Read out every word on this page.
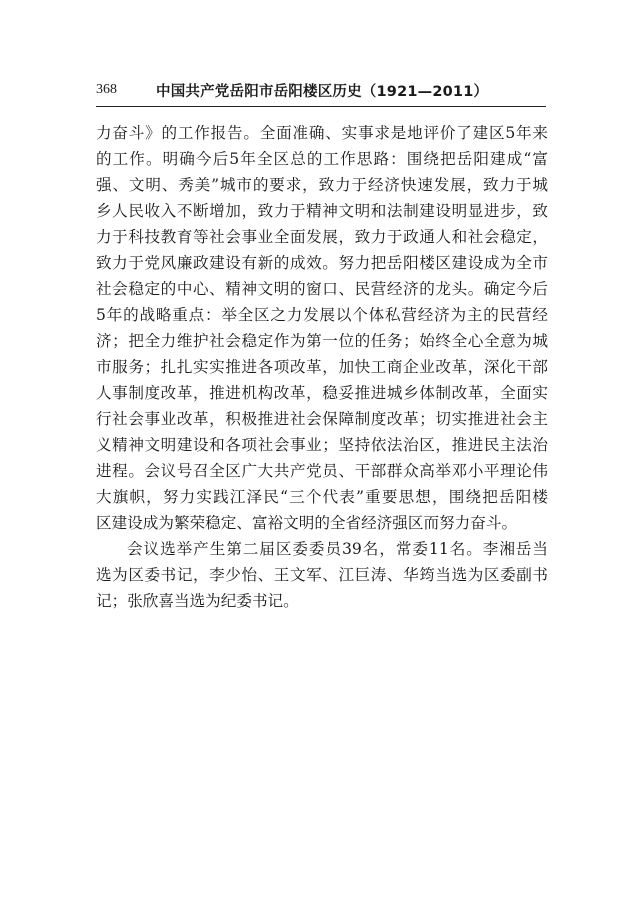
368	中国共产党岳阳市岳阳楼区历史（1921—2011）
力奋斗》的工作报告。全面准确、实事求是地评价了建区5年来
的工作。明确今后5年全区总的工作思路：围绕把岳阳建成“富
强、文明、秀美”城市的要求，致力于经济快速发展，致力于城
乡人民收入不断增加，致力于精神文明和法制建设明显进步，致
力于科技教育等社会事业全面发展，致力于政通人和社会稳定，
致力于党风廉政建设有新的成效。努力把岳阳楼区建设成为全市
社会稳定的中心、精神文明的窗口、民营经济的龙头。确定今后
5年的战略重点：举全区之力发展以个体私营经济为主的民营经
济；把全力维护社会稳定作为第一位的任务；始终全心全意为城
市服务；扎扎实实推进各项改革，加快工商企业改革，深化干部
人事制度改革，推进机构改革，稳妥推进城乡体制改革，全面实
行社会事业改革，积极推进社会保障制度改革；切实推进社会主
义精神文明建设和各项社会事业；坚持依法治区，推进民主法治
进程。会议号召全区广大共产党员、干部群众高举邓小平理论伟
大旗帜，努力实践江泽民“三个代表”重要思想，围绕把岳阳楼
区建设成为繁荣稳定、富裕文明的全省经济强区而努力奋斗。
会议选举产生第二届区委委员39名，常委11名。李湘岳当
选为区委书记，李少怡、王文军、江巨涛、华筠当选为区委副书
记；张欣喜当选为纪委书记。
